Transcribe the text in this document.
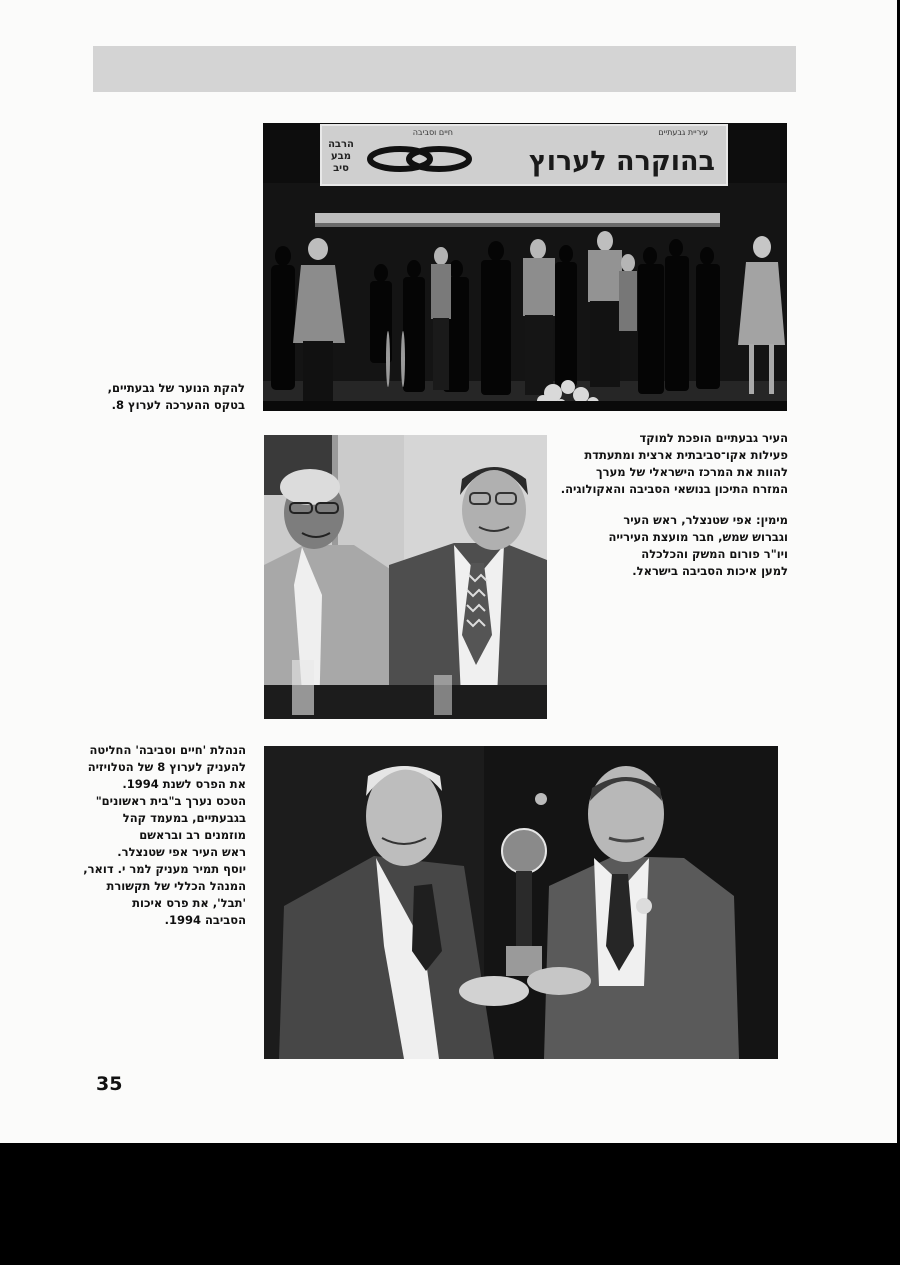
בהוקרה לערוץ
עיריית גבעתיים
חיים וסביבה
הרבה
מבע
סיב
להקת הנוער של גבעתיים,
בטקס ההערכה לערוץ 8.
העיר גבעתיים הופכת למוקד
פעילות אקו־סביבתית ארצית ומתעתדת
להוות את המרכז הישראלי של מערך
המזרח התיכון בנושאי הסביבה והאקולוגיה.
מימין: אפי שטנצלר, ראש העיר
וגברוש שמש, חבר מועצת העירייה
ויו"ר פורום המשק והכלכלה
למען איכות הסביבה בישראל.
הנהלת 'חיים וסביבה' החליטה
להעניק לערוץ 8 של הטלויזיה
את הפרס לשנת 1994.
הטכס נערך ב"בית ראשונים"
בגבעתיים, במעמד קהל
מוזמנים רב ובראשם
ראש העיר אפי שטנצלר.
יוסף תמיר מעניק למר י. דואר,
המנהל הכללי של תקשורת
'תבל', את פרס איכות
הסביבה 1994.
35
